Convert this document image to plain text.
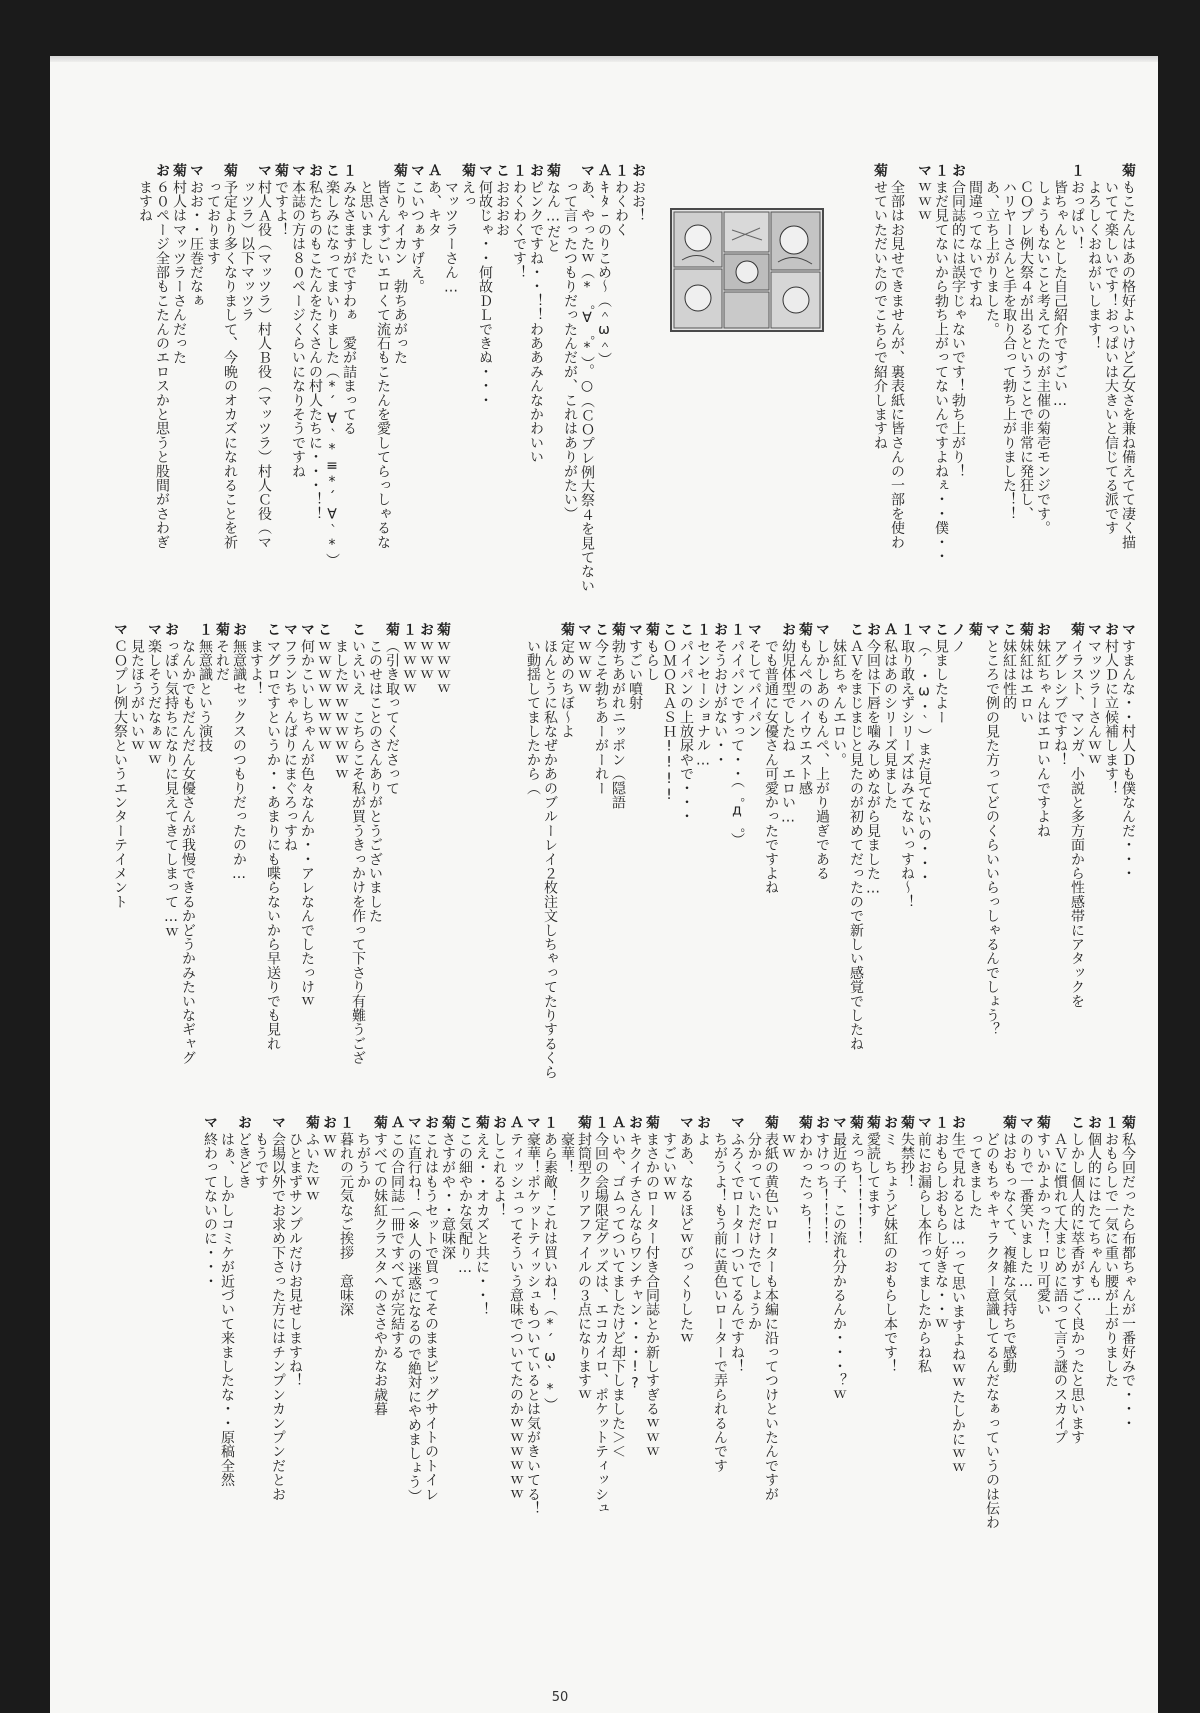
菊
もこたんはあの格好よいけど乙女さを兼ね備えてて凄く描

いてて楽しいです！おっぱいは大きいと信じてる派です

よろしくおねがいします！
１
おっぱい！

皆ちゃんとした自己紹介ですごい…

しょうもないこと考えてたのが主催の菊壱モンジです。

ＣＯプレ例大祭４が出るということで非常に発狂し、

ハリヤーさんと手を取り合って勃ち上がりました！！

あ、立ち上がりました。

間違ってないですね
お
合同誌的には誤字じゃないです！勃ち上がり！
１
まだ見てないから勃ち上がってないんですよねぇ・・僕・・
マ
ｗｗｗ

全部はお見せできませんが、裏表紙に皆さんの一部を使わ
菊
せていただいたのでこちらで紹介しますね
お
おお！
１
わくわく
Ａ
ｷﾀｰのりこめ～（＾ω＾）
マ
あ、やったｗ（*゜∀゜*）。○（ＣＯプレ例大祭４を見てない

って言ったつもりだったんだが、これはありがたい）
菊
なん…だと
お
ピンクですね・・！！わああみんなかわいい
１
わくわくです！
こ
おおおお
マ
何故じゃ・・何故ＤＬできぬ・・・
菊
えっ

マッツラーさん…
Ａ
あ、キタ
マ
こいつぁすげえ。
菊
こりゃイカン　勃ちあがった

皆さんすごいエロくて流石もこたんを愛してらっしゃるな

と思いました
１
みなさますがですわぁ　愛が詰まってる
こ
楽しみになってまいりました（*´∀｀*≡*´∀｀*）
お
私たちのもこたんをたくさんの村人たちに・・・！！
マ
本誌の方は８０ページくらいになりそうですね
菊
ですよ！
マ
村人Ａ役（マッツラ）村人Ｂ役（マッツラ）村人Ｃ役（マ

ッツラ）以下マッツラ
菊
予定より多くなりまして、今晩のオカズになれることを祈

っております
マ
おお・・圧巻だなぁ
菊
村人はマッツラーさんだった
お
６０ページ全部もこたんのエロスかと思うと股間がさわぎ

ますね
マ
すまんな・・村人Ｄも僕なんだ・・・
お
村人Ｄに立候補します！
マ
マッツラーさんｗｗ
菊
イラスト、マンガ、小説と多方面から性感帯にアタックを

アグレシブですね！
お
妹紅ちゃんはエロいんですよね
菊
妹紅はエロい
こ
妹紅は性的
マ
ところで例の見た方ってどのくらいいらっしゃるんでしょう？
菊
ノ
ノ
こ
見ましたよー
マ
（´・ω・｀）まだ見てないの・・・
１
取り敢えずシリーズはみてないっすね～！
Ａ
私はあのシリーズ見ました
お
今回は下唇を噛みしめながら見ました…
こ
ＡＶをまじまじと見たのが初めてだったので新しい感覚でしたね

妹紅ちゃんエロい。
マ
しかしあのもんぺ、上がり過ぎである
菊
もんぺのハイウエスト感
お
幼児体型でしたね　エロい…

でも普通に女優さん可愛かったですよね
マ
そしてパイパン
１
パイパンですって・・（゜д゜）
お
そうおけがない・・
１
センセーショナル…
こ
パイパンの上放尿やで・・・
こ
ＯＭＯＲＡＳＨ!!!!
菊
もらし
マ
すごい噴射
菊
勃ちあがれニッポン（隠語
こ
今こそ勃ちあーがーれー
マ
ｗｗｗｗ
菊
定めのちぼ～よ

ほんとうに私なぜかあのブルーレイ２枚注文しちゃってたりするくら

い動揺してましたから（
菊
ｗｗｗｗ
お
ｗｗｗ
１
ｗｗｗｗ
菊
（引き取ってくださって

このせはことのさんありがとうございました
こ
いえいえ　こちらこそ私が買うきっかけを作って下さり有難うござ

ましたｗｗｗｗｗｗｗ
こ
ｗｗｗｗｗｗｗｗ
マ
何かこいしちゃんが色々なんか・・アレなんでしたっけｗ
マ
フランちゃんばりにまぐろっすね
こ
マグロですというか・・あまりにも喋らないから早送りでも見れ

ますよ！
お
無意識セックスのつもりだったのか…
菊
それだ
１
無意識という演技

なんかでもだんだん女優さんが我慢できるかどうかみたいなギャグ
お
っぽい気持ちになりに見えてきてしまって…ｗ
マ
楽しそうだなぁｗｗ

見たほうがいいｗ
マ
ＣＯプレ例大祭というエンターテイメント
菊
私今回だったら布都ちゃんが一番好みで・・・
１
おもらしで一気に重い腰が上がりました
お
個人的にはたてちゃんも…
こ
しかし個人的に萃香がすごく良かったと思います

ＡＶに慣れて大まじめに語って言う謎のスカイプ
菊
すいかよかった！ロリ可愛い
マ
のりで一番笑いました…
菊
はおもっなくて、複雑な気持ちで感動

どのもちゃキャラクター意識してるんだなぁっていうのは伝わ

ってきました
お
生で見れるとは…って思いますよねｗｗたしかにｗｗ
１
おもらしおもらし好きな・・ｗ
マ
前にお漏らし本作ってましたからね私
菊
失禁抄！
お
ミ　ちょうど妹紅のおもらし本です！
菊
愛読してます
菊
えっち！！！！！
マ
最近の子、この流れ分かるんか・・・？ｗ
お
すけっち！！！！
菊
わかったっち！！

ｗｗ
菊
表紙の黄色いローターも本編に沿ってつけといたんですが

分かっていただけたでしょうか
マ
ふろくでローターついてるんですね！

ちがうよ！もう前に黄色いローターで弄られるんです
お
よ
マ
ああ、なるほどｗびっくりしたｗ

すごいｗｗ
菊
まさかのローター付き合同誌とか新しすぎるｗｗｗ
お
キクイチさんならワンチャン・・・!?
Ａ
いや、ゴムってついてましたけど却下しました＞＜
１
今回の会場限定グッズは、エコカイロ、ポケットティッシュ
菊
封筒型クリアファイルの３点になりますｗ

豪華！
１
あら素敵！これは買いね！（*´ω`*）
マ
豪華！ポケットティッシュもついているとは気がきいてる！
Ａ
ティッシュってそういう意味でついてたのかｗｗｗｗｗｗ
お
しこれるよ！
菊
ええ・・オカズと共に・・！
こ
この細やかな気配り…
菊
さすがや・・意味深
お
これはもうセットで買ってそのままビッグサイトのトイレ
マ
に直行ね！（※人の迷惑になるので絶対にやめましょう）
Ａ
この合同誌一冊ですべてが完結する
菊
すべての妹紅クラスタへのささやかなお歳暮

ちがうか
１
暮れの元気なご挨拶　意味深
お
ｗｗ
菊
ふいたｗｗ

ひとまずサンプルだけお見せしますね！
マ
会場以外でお求め下さった方にはチンプンカンプンだとお

もうです
お
どきどき

はぁ、しかしコミケが近づいて来ましたな・・原稿全然
マ
終わってないのに・・・
50
